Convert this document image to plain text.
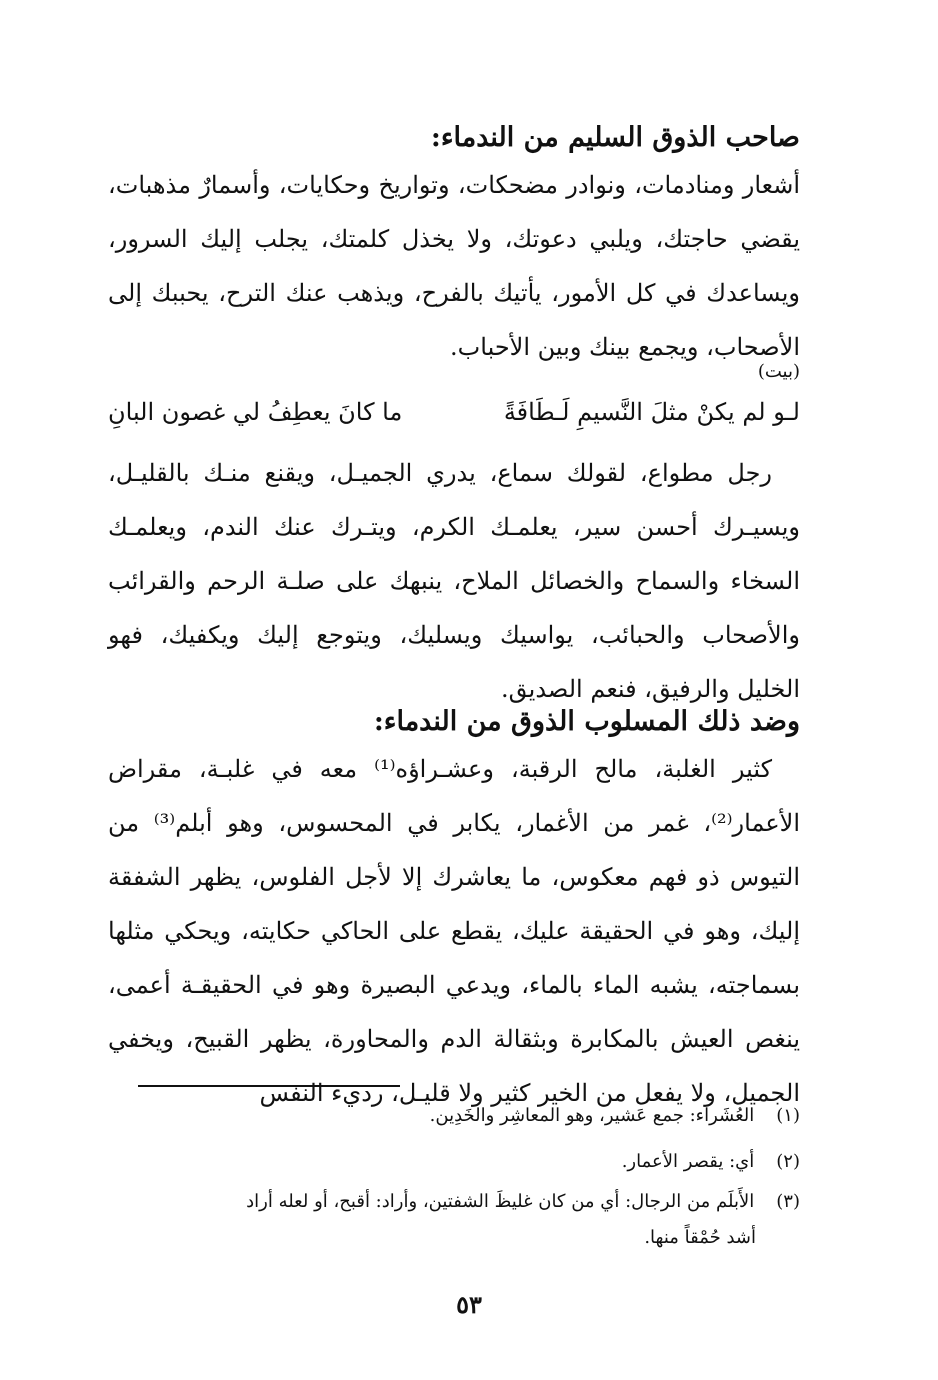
صاحب الذوق السليم من الندماء:
أشعار ومنادمات، ونوادر مضحكات، وتواريخ وحكايات، وأسمارٌ مذهبات، يقضي حاجتك، ويلبي دعوتك، ولا يخذل كلمتك، يجلب إليك السرور، ويساعدك في كل الأمور، يأتيك بالفرح، ويذهب عنك الترح، يحببك إلى الأصحاب، ويجمع بينك وبين الأحباب.
(بيت)
لـو لم يكنْ مثلَ النَّسيمِ لَـطَافَةً
ما كانَ يعطِفُ لي غصون البانِ
رجل مطواع، لقولك سماع، يدري الجميـل، ويقنع منـك بالقليـل، ويسيـرك أحسن سير، يعلمـك الكرم، ويتـرك عنك الندم، ويعلمـك السخاء والسماح والخصائل الملاح، ينبهك على صلـة الرحم والقرائب والأصحاب والحبائب، يواسيك ويسليك، ويتوجع إليك ويكفيك، فهو الخليل والرفيق، فنعم الصديق.
وضد ذلك المسلوب الذوق من الندماء:
كثير الغلبة، مالح الرقبة، وعشـراؤه⁽¹⁾ معه في غلبـة، مقراض الأعمار⁽²⁾، غمر من الأغمار، يكابر في المحسوس، وهو أبلم⁽³⁾ من التيوس ذو فهم معكوس، ما يعاشرك إلا لأجل الفلوس، يظهر الشفقة إليك، وهو في الحقيقة عليك، يقطع على الحاكي حكايته، ويحكي مثلها بسماجته، يشبه الماء بالماء، ويدعي البصيرة وهو في الحقيقـة أعمى، ينغص العيش بالمكابرة وبثقالة الدم والمحاورة، يظهر القبيح، ويخفي الجميل، ولا يفعل من الخير كثير ولا قليـل، رديء النفس
(١) العُشَراء: جمع عَشير، وهو المعاشِر والخَدِين.
(٢) أي: يقصر الأعمار.
(٣) الأَبلَم من الرجال: أي من كان غليظَ الشفتين، وأراد: أقبح، أو لعله أراد
أشد حُمْقاً منها.
٥٣
